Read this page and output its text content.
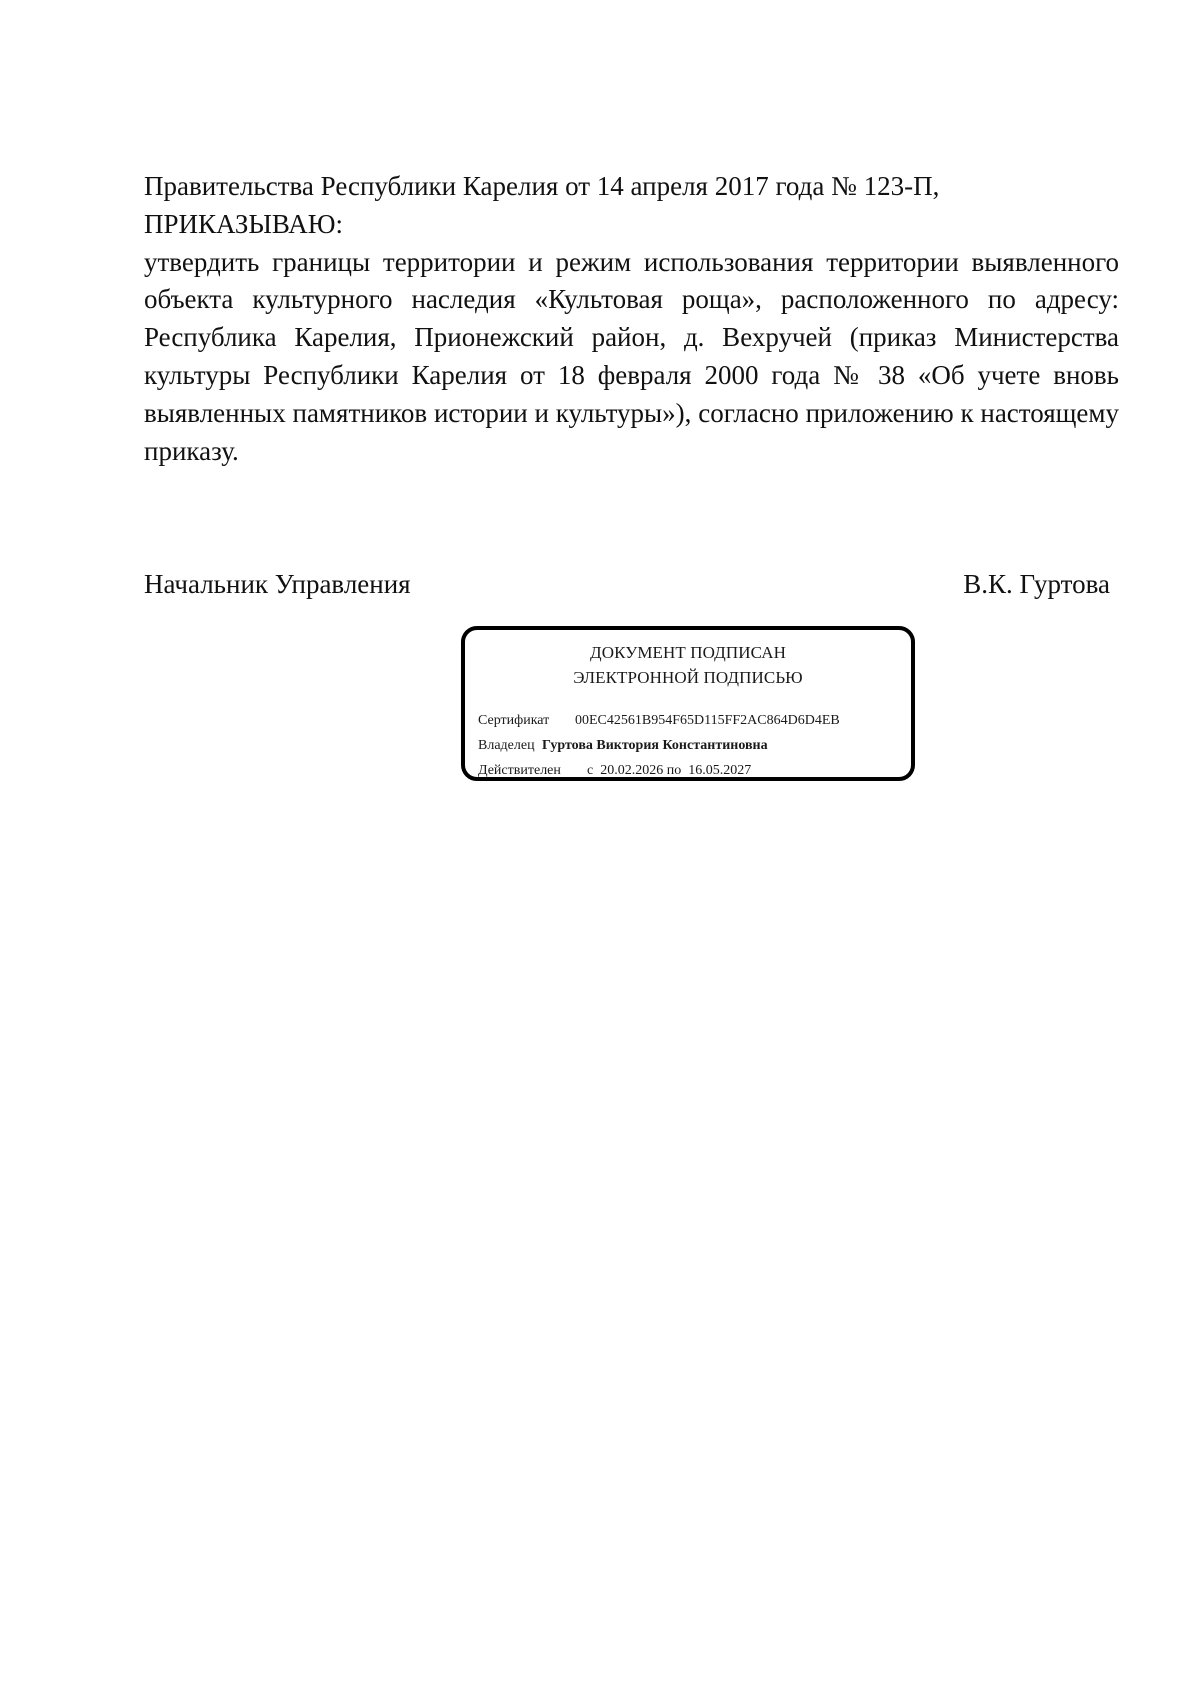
Правительства Республики Карелия от 14 апреля 2017 года № 123-П,

ПРИКАЗЫВАЮ:

утвердить границы территории и режим использования территории выявленного объекта культурного наследия «Культовая роща», расположенного по адресу: Республика Карелия, Прионежский район, д. Вехручей (приказ Министерства культуры Республики Карелия от 18 февраля 2000 года № 38 «Об учете вновь выявленных памятников истории и культуры»), согласно приложению к настоящему приказу.

Начальник Управления	В.К. Гуртова
ДОКУМЕНТ ПОДПИСАН
ЭЛЕКТРОННОЙ ПОДПИСЬЮ
Сертификат 00EC42561B954F65D115FF2AC864D6D4EB
Владелец Гуртова Виктория Константиновна
Действителен с  20.02.2026 по  16.05.2027
